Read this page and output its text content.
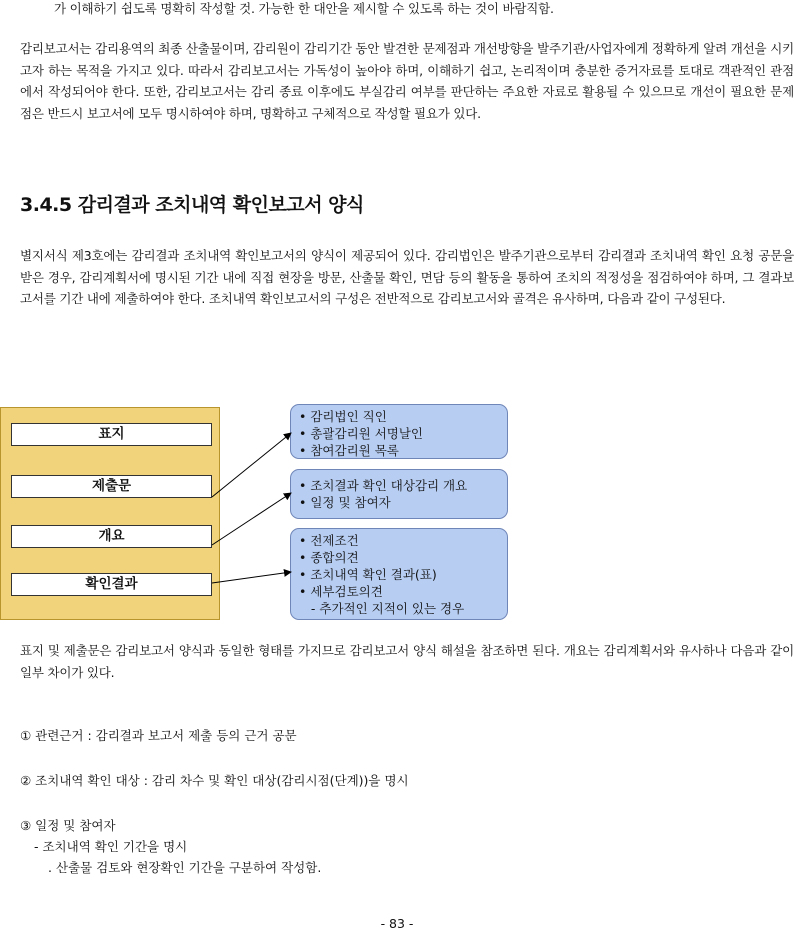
가 이해하기 쉽도록 명확히 작성할 것. 가능한 한 대안을 제시할 수 있도록 하는 것이 바람직함.
감리보고서는 감리용역의 최종 산출물이며, 감리원이 감리기간 동안 발견한 문제점과 개선방향을 발주기관/사업자에게 정확하게 알려 개선을 시키고자 하는 목적을 가지고 있다. 따라서 감리보고서는 가독성이 높아야 하며, 이해하기 쉽고, 논리적이며 충분한 증거자료를 토대로 객관적인 관점에서 작성되어야 한다. 또한, 감리보고서는 감리 종료 이후에도 부실감리 여부를 판단하는 주요한 자료로 활용될 수 있으므로 개선이 필요한 문제점은 반드시 보고서에 모두 명시하여야 하며, 명확하고 구체적으로 작성할 필요가 있다.
3.4.5 감리결과 조치내역 확인보고서 양식
별지서식 제3호에는 감리결과 조치내역 확인보고서의 양식이 제공되어 있다. 감리법인은 발주기관으로부터 감리결과 조치내역 확인 요청 공문을 받은 경우, 감리계획서에 명시된 기간 내에 직접 현장을 방문, 산출물 확인, 면담 등의 활동을 통하여 조치의 적정성을 점검하여야 하며, 그 결과보고서를 기간 내에 제출하여야 한다. 조치내역 확인보고서의 구성은 전반적으로 감리보고서와 골격은 유사하며, 다음과 같이 구성된다.
표지
제출문
개요
확인결과
• 감리법인 직인
• 총괄감리원 서명날인
• 참여감리원 목록
• 조치결과 확인 대상감리 개요
• 일정 및 참여자
• 전제조건
• 종합의견
• 조치내역 확인 결과(표)
• 세부검토의견
- 추가적인 지적이 있는 경우
표지 및 제출문은 감리보고서 양식과 동일한 형태를 가지므로 감리보고서 양식 해설을 참조하면 된다. 개요는 감리계획서와 유사하나 다음과 같이 일부 차이가 있다.
① 관련근거 : 감리결과 보고서 제출 등의 근거 공문
② 조치내역 확인 대상 : 감리 차수 및 확인 대상(감리시점(단계))을 명시
③ 일정 및 참여자
- 조치내역 확인 기간을 명시
. 산출물 검토와 현장확인 기간을 구분하여 작성함.
- 83 -
